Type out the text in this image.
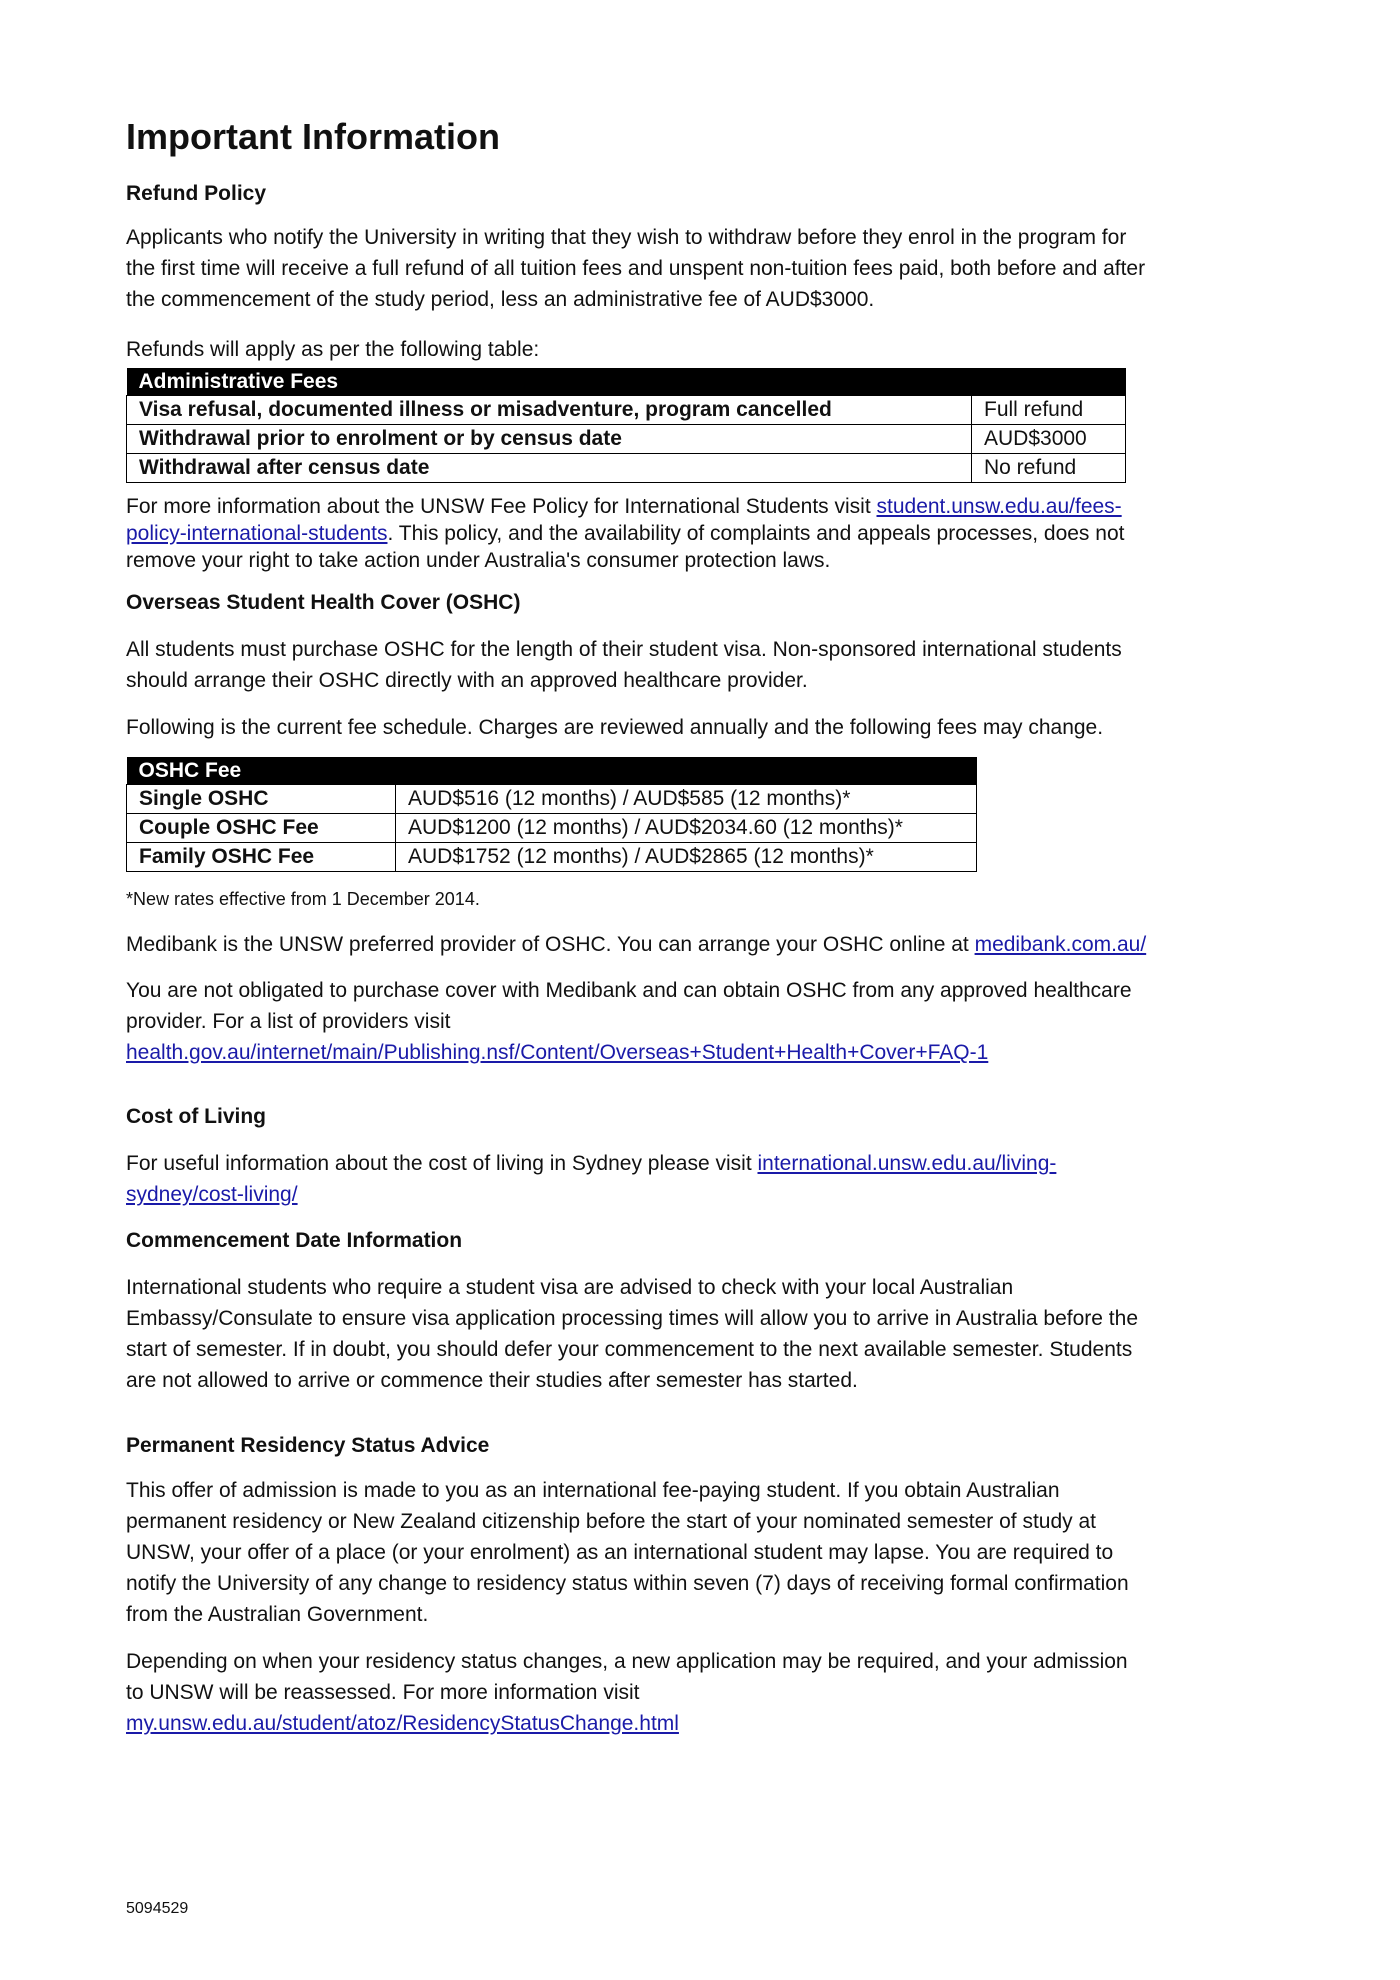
Important Information
Refund Policy
Applicants who notify the University in writing that they wish to withdraw before they enrol in the program for
the first time will receive a full refund of all tuition fees and unspent non-tuition fees paid, both before and after
the commencement of the study period, less an administrative fee of AUD$3000.
Refunds will apply as per the following table:
Administrative Fees	
Visa refusal, documented illness or misadventure, program cancelled	Full refund
Withdrawal prior to enrolment or by census date	AUD$3000
Withdrawal after census date	No refund
For more information about the UNSW Fee Policy for International Students visit student.unsw.edu.au/fees-
policy-international-students. This policy, and the availability of complaints and appeals processes, does not
remove your right to take action under Australia's consumer protection laws.
Overseas Student Health Cover (OSHC)
All students must purchase OSHC for the length of their student visa. Non-sponsored international students
should arrange their OSHC directly with an approved healthcare provider.
Following is the current fee schedule. Charges are reviewed annually and the following fees may change.
OSHC Fee	
Single OSHC	AUD$516 (12 months) / AUD$585 (12 months)*
Couple OSHC Fee	AUD$1200 (12 months) / AUD$2034.60 (12 months)*
Family OSHC Fee	AUD$1752 (12 months) / AUD$2865 (12 months)*
*New rates effective from 1 December 2014.
Medibank is the UNSW preferred provider of OSHC. You can arrange your OSHC online at medibank.com.au/
You are not obligated to purchase cover with Medibank and can obtain OSHC from any approved healthcare
provider. For a list of providers visit
health.gov.au/internet/main/Publishing.nsf/Content/Overseas+Student+Health+Cover+FAQ-1
Cost of Living
For useful information about the cost of living in Sydney please visit international.unsw.edu.au/living-
sydney/cost-living/
Commencement Date Information
International students who require a student visa are advised to check with your local Australian
Embassy/Consulate to ensure visa application processing times will allow you to arrive in Australia before the
start of semester. If in doubt, you should defer your commencement to the next available semester. Students
are not allowed to arrive or commence their studies after semester has started.
Permanent Residency Status Advice
This offer of admission is made to you as an international fee-paying student. If you obtain Australian
permanent residency or New Zealand citizenship before the start of your nominated semester of study at
UNSW, your offer of a place (or your enrolment) as an international student may lapse. You are required to
notify the University of any change to residency status within seven (7) days of receiving formal confirmation
from the Australian Government.
Depending on when your residency status changes, a new application may be required, and your admission
to UNSW will be reassessed. For more information visit
my.unsw.edu.au/student/atoz/ResidencyStatusChange.html
5094529
